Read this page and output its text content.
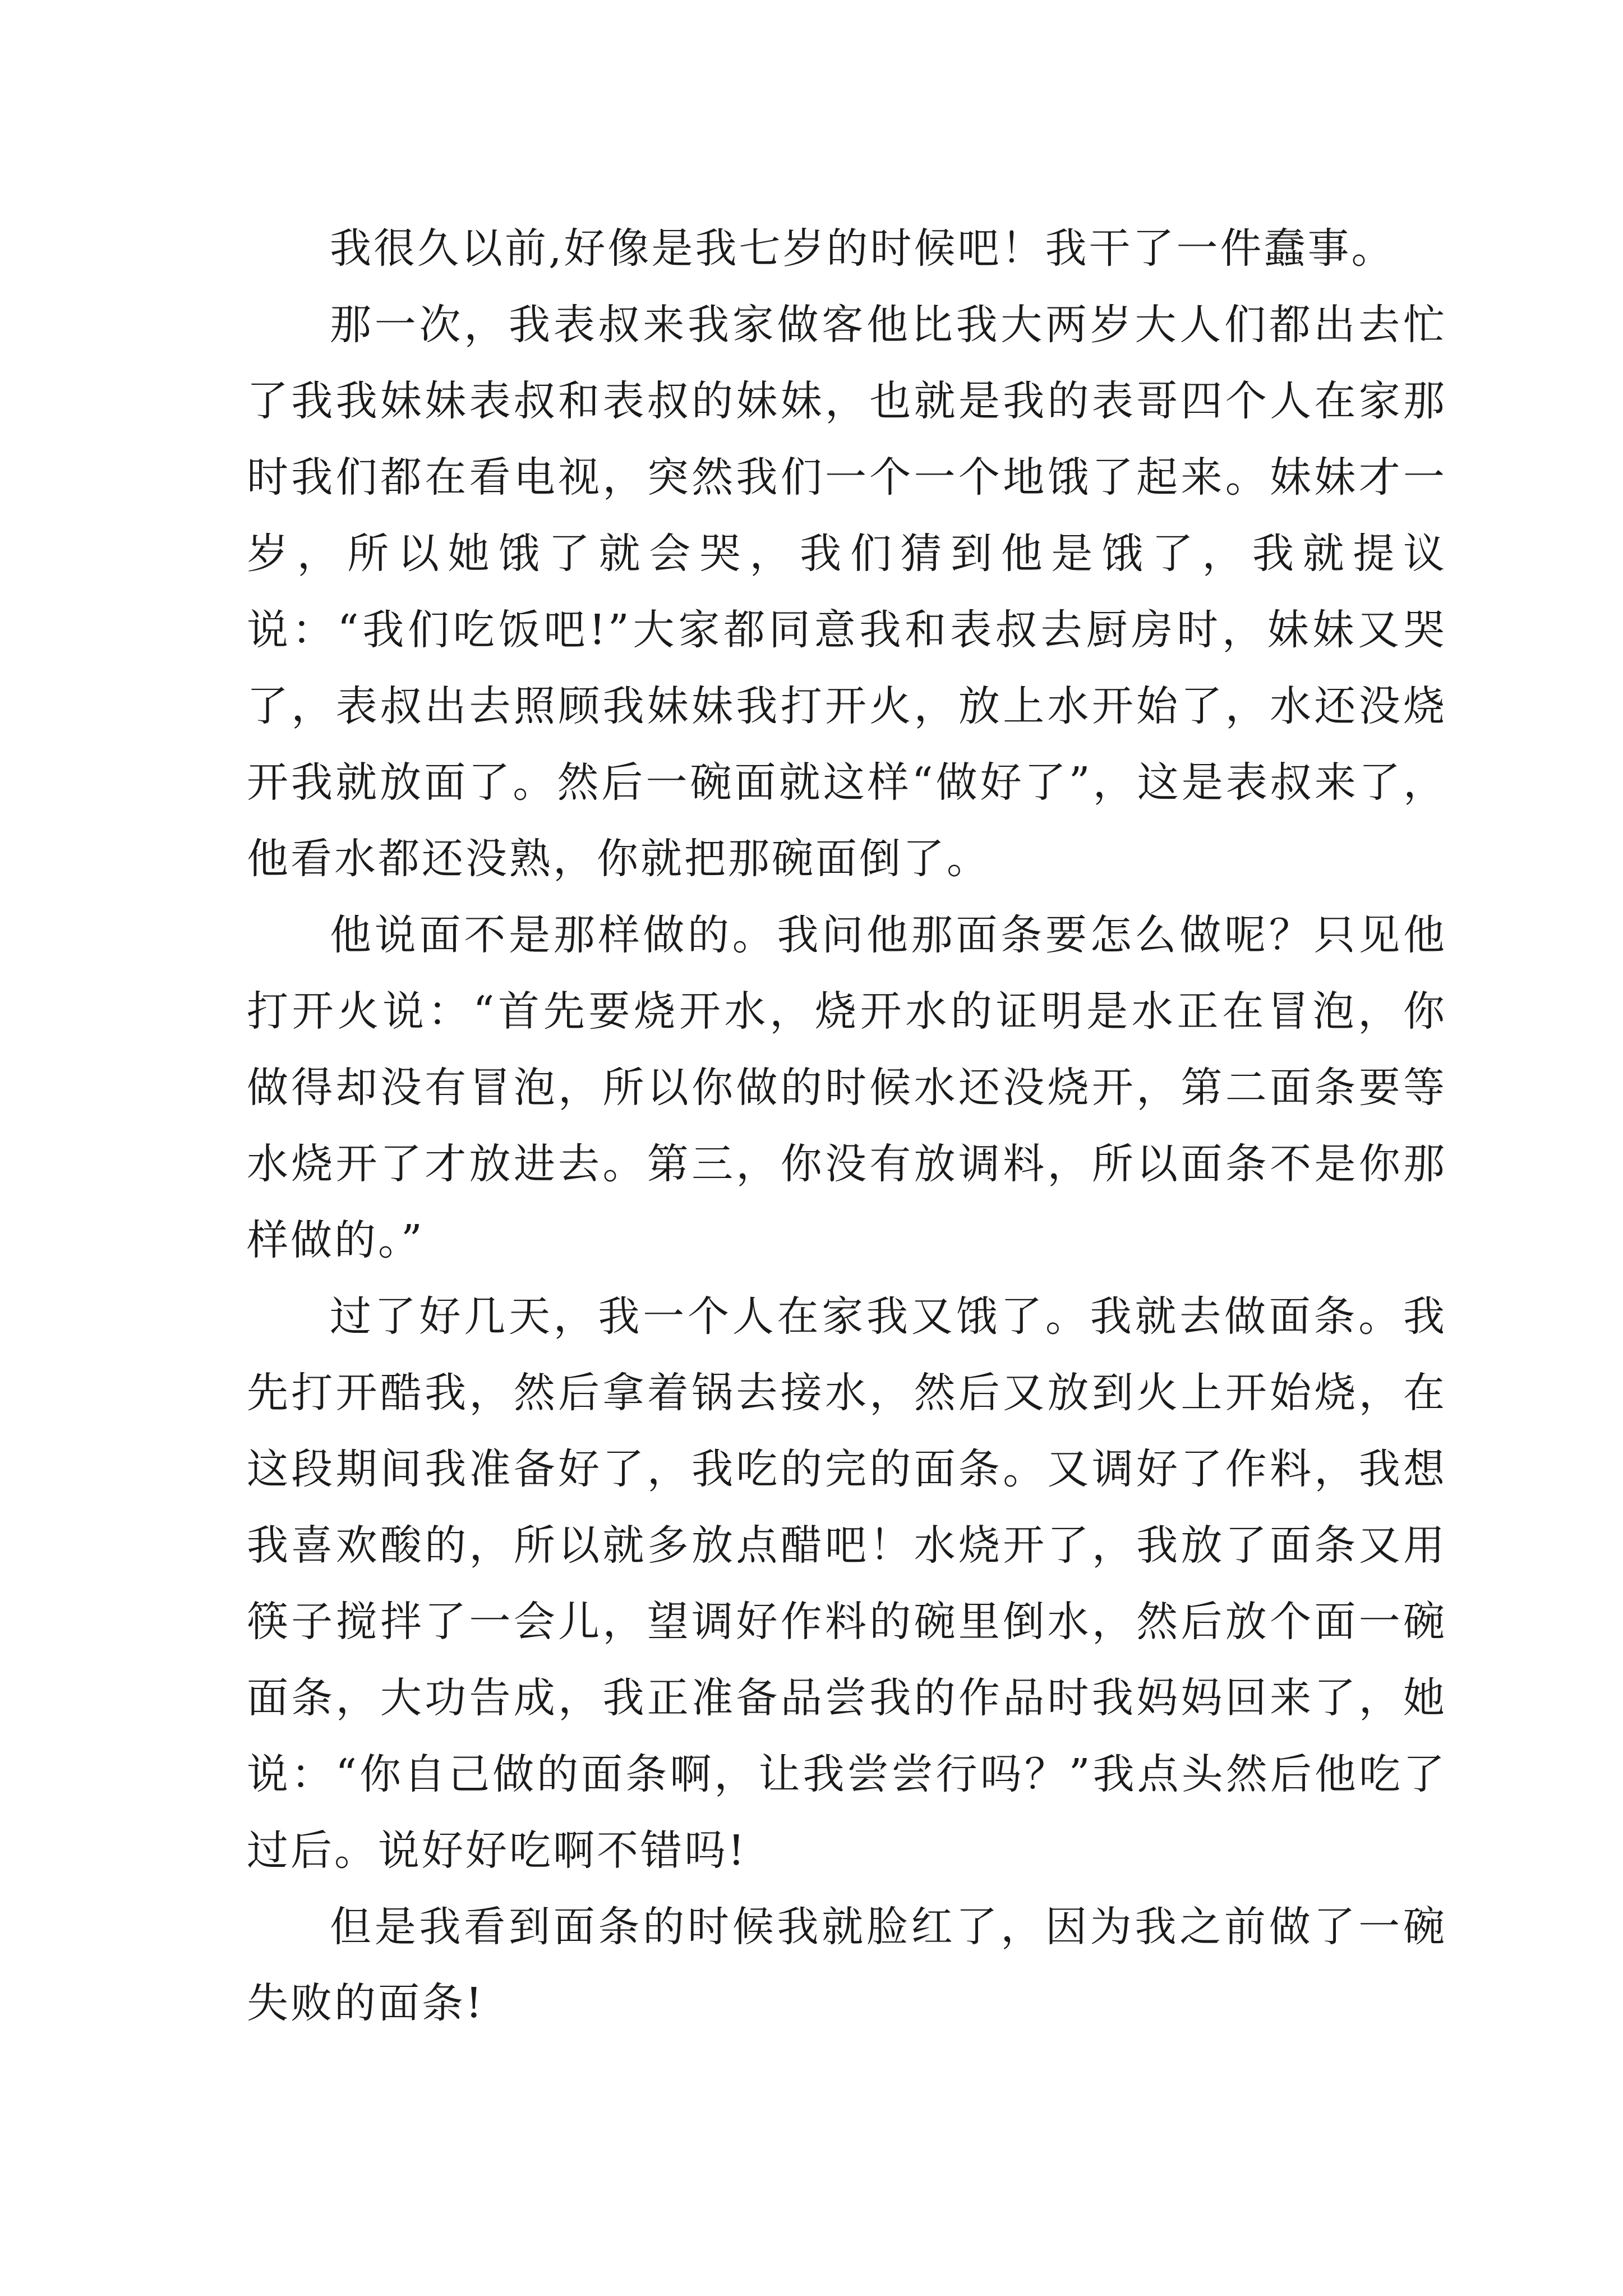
我很久以前,好像是我七岁的时候吧！我干了一件蠢事。

那一次，我表叔来我家做客他比我大两岁大人们都出去忙了我我妹妹表叔和表叔的妹妹，也就是我的表哥四个人在家那时我们都在看电视，突然我们一个一个地饿了起来。妹妹才一岁，所以她饿了就会哭，我们猜到他是饿了，我就提议说：“我们吃饭吧!”大家都同意我和表叔去厨房时，妹妹又哭了，表叔出去照顾我妹妹我打开火，放上水开始了，水还没烧开我就放面了。然后一碗面就这样“做好了”，这是表叔来了，他看水都还没熟，你就把那碗面倒了。

他说面不是那样做的。我问他那面条要怎么做呢？只见他打开火说：“首先要烧开水，烧开水的证明是水正在冒泡，你做得却没有冒泡，所以你做的时候水还没烧开，第二面条要等水烧开了才放进去。第三，你没有放调料，所以面条不是你那样做的。”

过了好几天，我一个人在家我又饿了。我就去做面条。我先打开酷我，然后拿着锅去接水，然后又放到火上开始烧，在这段期间我准备好了，我吃的完的面条。又调好了作料，我想我喜欢酸的，所以就多放点醋吧！水烧开了，我放了面条又用筷子搅拌了一会儿，望调好作料的碗里倒水，然后放个面一碗面条，大功告成，我正准备品尝我的作品时我妈妈回来了，她说：“你自己做的面条啊，让我尝尝行吗？”我点头然后他吃了过后。说好好吃啊不错吗!

但是我看到面条的时候我就脸红了，因为我之前做了一碗失败的面条!
